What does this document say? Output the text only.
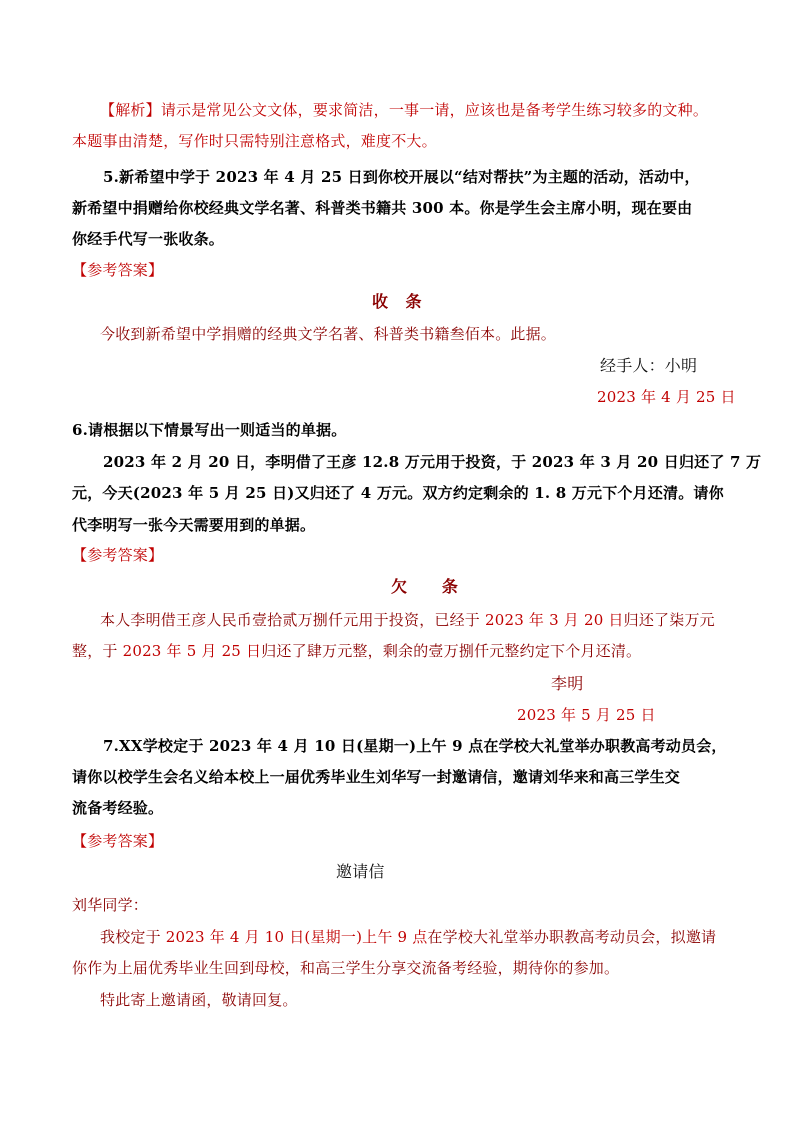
【解析】请示是常见公文文体，要求简洁，一事一请，应该也是备考学生练习较多的文种。
本题事由清楚，写作时只需特别注意格式，难度不大。
5.新希望中学于 2023 年 4 月 25 日到你校开展以“结对帮扶”为主题的活动，活动中，
新希望中捐赠给你校经典文学名著、科普类书籍共 300 本。你是学生会主席小明，现在要由
你经手代写一张收条。
【参考答案】
收   条
今收到新希望中学捐赠的经典文学名著、科普类书籍叁佰本。此据。
经手人：小明
2023 年 4 月 25 日
6.请根据以下情景写出一则适当的单据。
2023 年 2 月 20 日，李明借了王彦 12.8 万元用于投资，于 2023 年 3 月 20 日归还了 7 万
元，今天(2023 年 5 月 25 日)又归还了 4 万元。双方约定剩余的 1. 8 万元下个月还清。请你
代李明写一张今天需要用到的单据。
【参考答案】
欠      条
本人李明借王彦人民币壹拾贰万捌仟元用于投资，已经于 2023 年 3 月 20 日归还了柒万元
整，于 2023 年 5 月 25 日归还了肆万元整，剩余的壹万捌仟元整约定下个月还清。
李明
2023 年 5 月 25 日
7.XX学校定于 2023 年 4 月 10 日(星期一)上午 9 点在学校大礼堂举办职教高考动员会，
请你以校学生会名义给本校上一届优秀毕业生刘华写一封邀请信，邀请刘华来和高三学生交
流备考经验。
【参考答案】
邀请信
刘华同学：
我校定于 2023 年 4 月 10 日(星期一)上午 9 点在学校大礼堂举办职教高考动员会，拟邀请
你作为上届优秀毕业生回到母校，和高三学生分享交流备考经验，期待你的参加。
特此寄上邀请函，敬请回复。
